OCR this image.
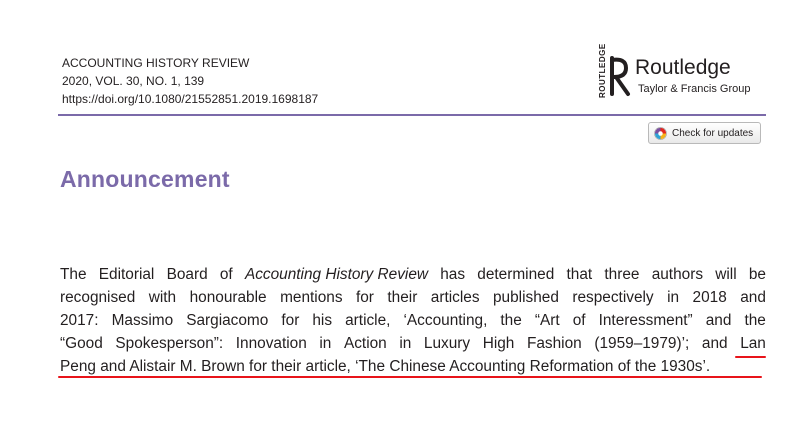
ACCOUNTING HISTORY REVIEW
2020, VOL. 30, NO. 1, 139
https://doi.org/10.1080/21552851.2019.1698187
ROUTLEDGE Routledge
Taylor & Francis Group
Check for updates
Announcement
The Editorial Board of Accounting History Review has determined that three authors will be
recognised with honourable mentions for their articles published respectively in 2018 and
2017: Massimo Sargiacomo for his article, ‘Accounting, the “Art of Interessment” and the
“Good Spokesperson”: Innovation in Action in Luxury High Fashion (1959–1979)’; and Lan
Peng and Alistair M. Brown for their article, ‘The Chinese Accounting Reformation of the 1930s’.
